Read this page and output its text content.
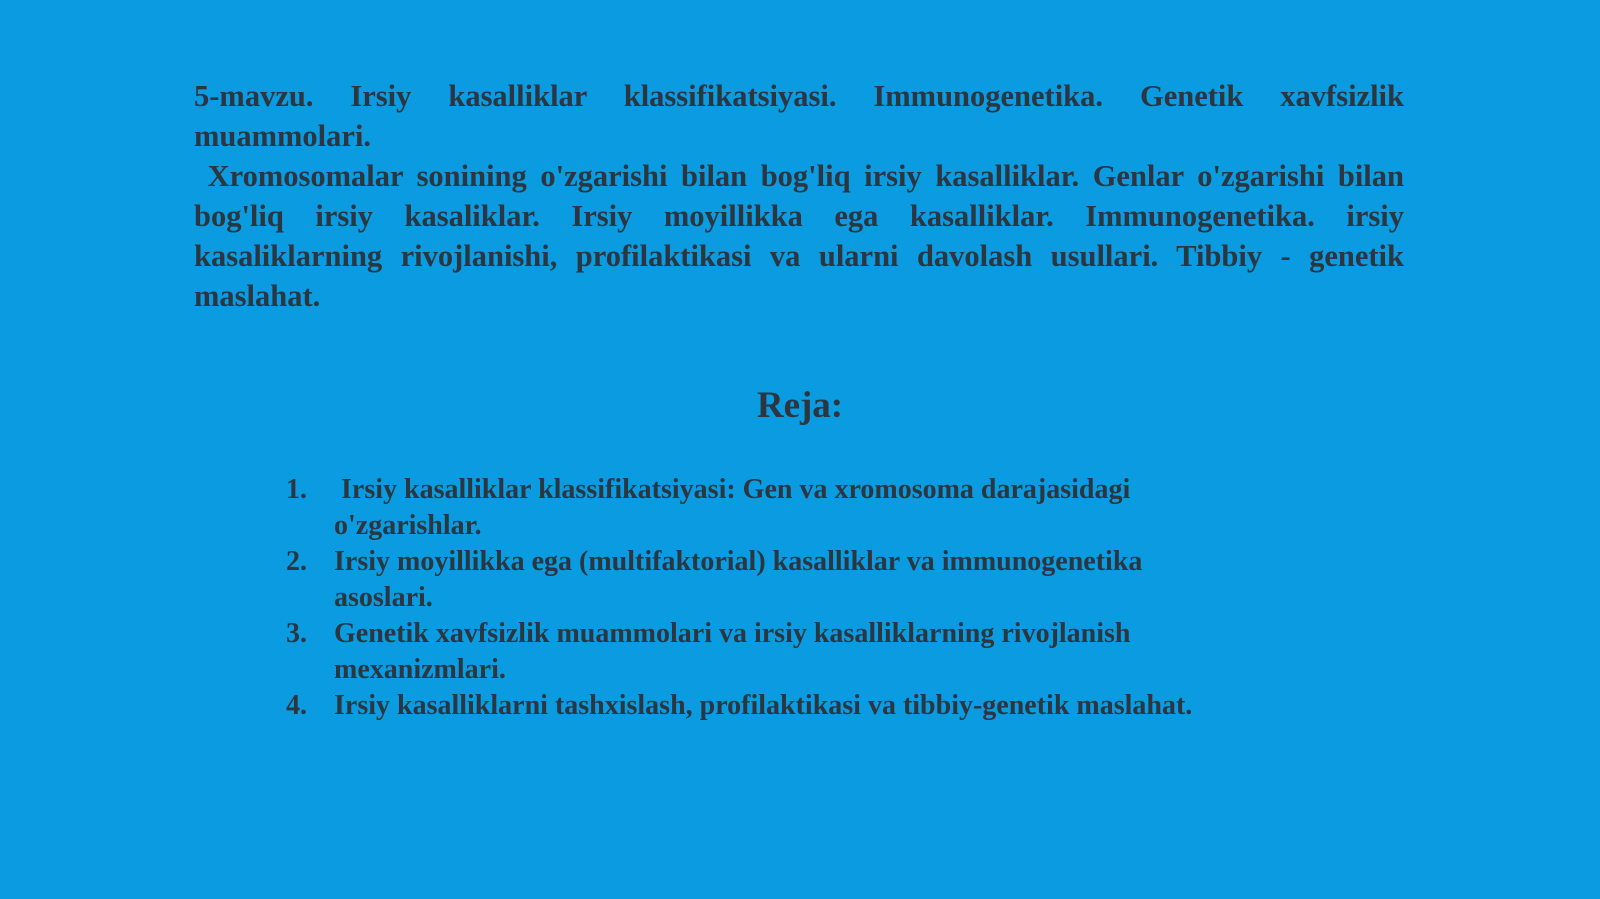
5-mavzu. Irsiy kasalliklar klassifikatsiyasi. Immunogenetika. Genetik xavfsizlik muammolari.

Xromosomalar sonining o'zgarishi bilan bog'liq irsiy kasalliklar. Genlar o'zgarishi bilan bog'liq irsiy kasaliklar. Irsiy moyillikka ega kasalliklar. Immunogenetika. irsiy kasaliklarning rivojlanishi, profilaktikasi va ularni davolash usullari. Tibbiy - genetik maslahat.

Reja:
1. Irsiy kasalliklar klassifikatsiyasi: Gen va xromosoma darajasidagi o'zgarishlar.
2. Irsiy moyillikka ega (multifaktorial) kasalliklar va immunogenetika asoslari.
3. Genetik xavfsizlik muammolari va irsiy kasalliklarning rivojlanish mexanizmlari.
4. Irsiy kasalliklarni tashxislash, profilaktikasi va tibbiy-genetik maslahat.
